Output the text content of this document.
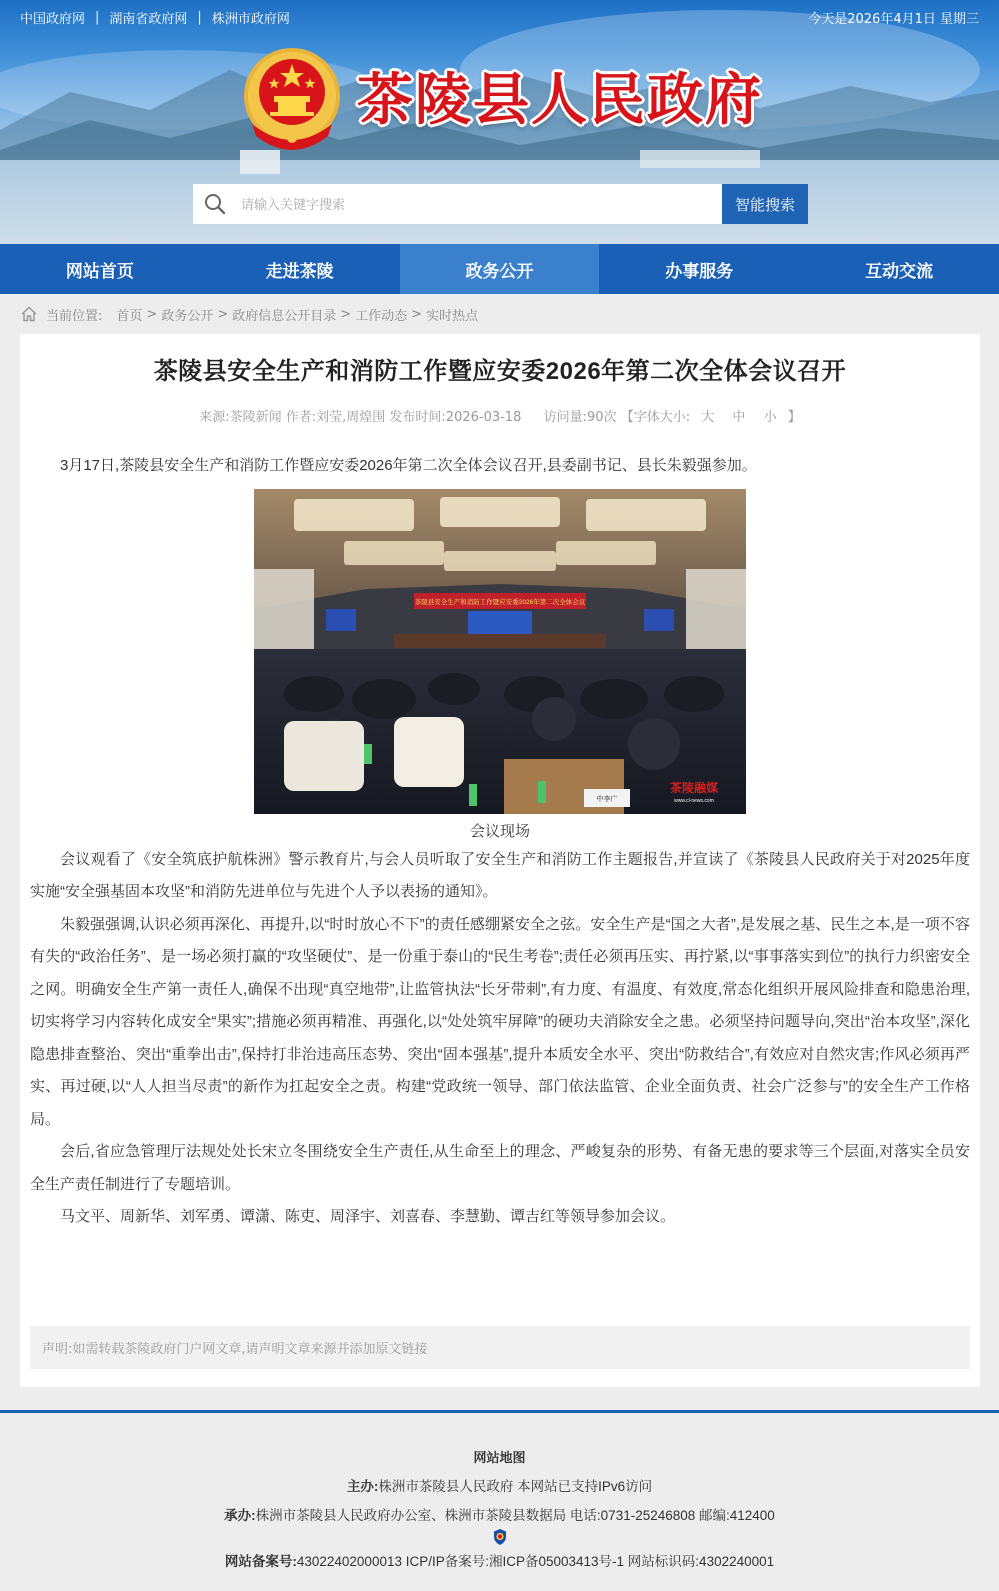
中国政府网 | 湖南省政府网 | 株洲市政府网	今天是2026年4月1日 星期三
茶陵县人民政府
请输入关键字搜索
智能搜索
网站首页	走进茶陵	政务公开	办事服务	互动交流
当前位置: 首页 > 政务公开 > 政府信息公开目录 > 工作动态 > 实时热点
茶陵县安全生产和消防工作暨应安委2026年第二次全体会议召开
来源:茶陵新闻 作者:刘莹,周煌围 发布时间:2026-03-18 访问量:90次 【字体大小: 大 中 小 】

3月17日,茶陵县安全生产和消防工作暨应安委2026年第二次全体会议召开,县委副书记、县长朱毅强参加。

茶陵县安全生产和消防工作暨应安委2026年第二次全体会议
中李广
茶陵融媒
www.cl-news.com
会议现场

会议观看了《安全筑底护航株洲》警示教育片,与会人员听取了安全生产和消防工作主题报告,并宣读了《茶陵县人民政府关于对2025年度实施“安全强基固本攻坚”和消防先进单位与先进个人予以表扬的通知》。

朱毅强强调,认识必须再深化、再提升,以“时时放心不下”的责任感绷紧安全之弦。安全生产是“国之大者”,是发展之基、民生之本,是一项不容有失的“政治任务”、是一场必须打赢的“攻坚硬仗”、是一份重于泰山的“民生考卷”;责任必须再压实、再拧紧,以“事事落实到位”的执行力织密安全之网。明确安全生产第一责任人,确保不出现“真空地带”,让监管执法“长牙带刺”,有力度、有温度、有效度,常态化组织开展风险排查和隐患治理,切实将学习内容转化成安全“果实”;措施必须再精准、再强化,以“处处筑牢屏障”的硬功夫消除安全之患。必须坚持问题导向,突出“治本攻坚”,深化隐患排查整治、突出“重拳出击”,保持打非治违高压态势、突出“固本强基”,提升本质安全水平、突出“防救结合”,有效应对自然灾害;作风必须再严实、再过硬,以“人人担当尽责”的新作为扛起安全之责。构建“党政统一领导、部门依法监管、企业全面负责、社会广泛参与”的安全生产工作格局。

会后,省应急管理厅法规处处长宋立冬围绕安全生产责任,从生命至上的理念、严峻复杂的形势、有备无患的要求等三个层面,对落实全员安全生产责任制进行了专题培训。

马文平、周新华、刘军勇、谭潇、陈吏、周泽宇、刘喜春、李慧勤、谭吉红等领导参加会议。

声明:如需转载茶陵政府门户网文章,请声明文章来源并添加原文链接
网站地图
主办:株洲市茶陵县人民政府 本网站已支持IPv6访问
承办:株洲市茶陵县人民政府办公室、株洲市茶陵县数据局 电话:0731-25246808 邮编:412400
网站备案号:43022402000013 ICP/IP备案号:湘ICP备05003413号-1 网站标识码:4302240001
